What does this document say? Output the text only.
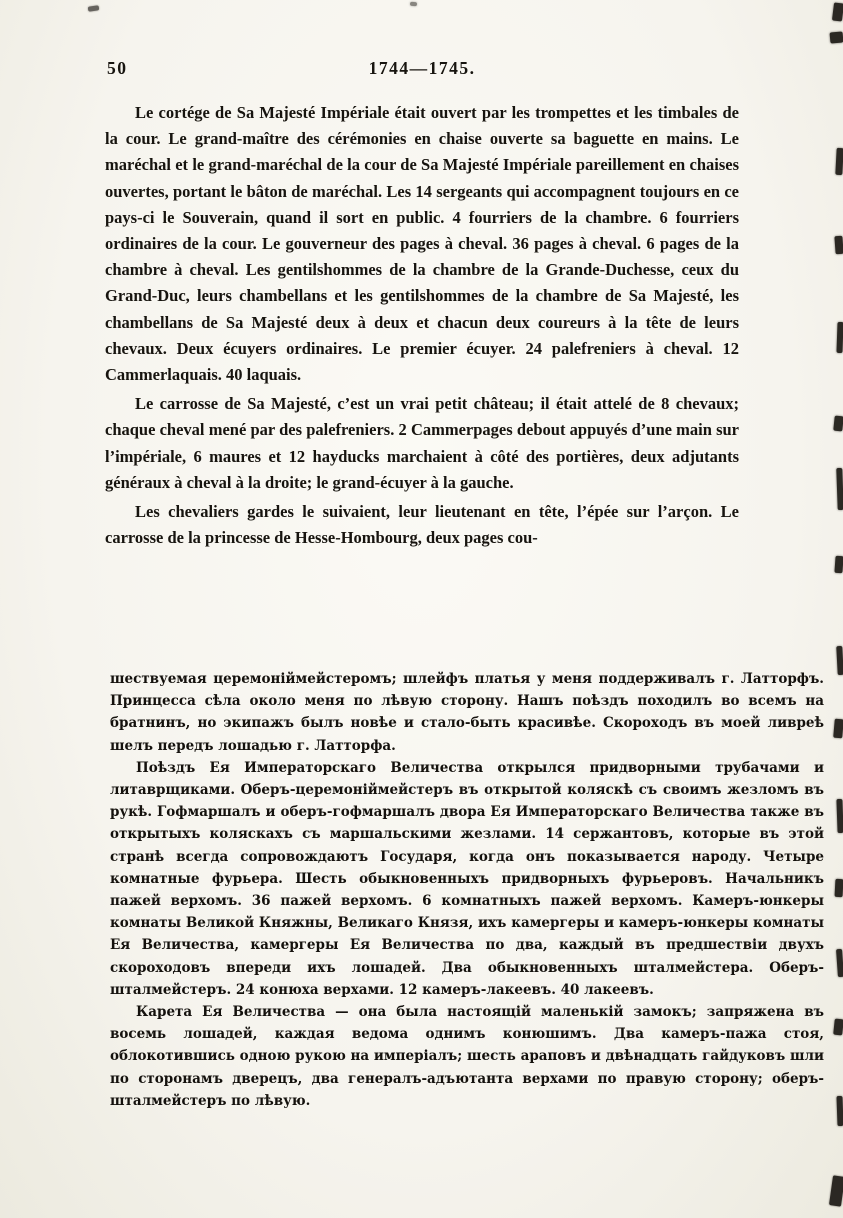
50	1744—1745.

Le cortége de Sa Majesté Impériale était ouvert par les trompettes et les timbales de la cour. Le grand-maître des cérémonies en chaise ouverte sa baguette en mains. Le maréchal et le grand-maréchal de la cour de Sa Majesté Impériale pareillement en chaises ouvertes, portant le bâton de maréchal. Les 14 sergeants qui accompagnent toujours en ce pays-ci le Souverain, quand il sort en public. 4 fourriers de la chambre. 6 fourriers ordinaires de la cour. Le gouverneur des pages à cheval. 36 pages à cheval. 6 pages de la chambre à cheval. Les gentilshommes de la chambre de la Grande-Duchesse, ceux du Grand-Duc, leurs chambellans et les gentilshommes de la chambre de Sa Majesté, les chambellans de Sa Majesté deux à deux et chacun deux coureurs à la tête de leurs chevaux. Deux écuyers ordinaires. Le premier écuyer. 24 palefreniers à cheval. 12 Cammerlaquais. 40 laquais.

Le carrosse de Sa Majesté, c’est un vrai petit château; il était attelé de 8 chevaux; chaque cheval mené par des palefreniers. 2 Cammerpages debout appuyés d’une main sur l’impériale, 6 maures et 12 hayducks marchaient à côté des portières, deux adjutants généraux à cheval à la droite; le grand-écuyer à la gauche.

Les chevaliers gardes le suivaient, leur lieutenant en tête, l’épée sur l’arçon. Le carrosse de la princesse de Hesse-Hombourg, deux pages cou-

шествуемая церемоніймейстеромъ; шлейфъ платья у меня поддерживалъ г. Латторфъ. Принцесса сѣла около меня по лѣвую сторону. Нашъ поѣздъ походилъ во всемъ на братнинъ, но экипажъ былъ новѣе и стало-быть красивѣе. Скороходъ въ моей ливреѣ шелъ передъ лошадью г. Латторфа.

Поѣздъ Ея Императорскаго Величества открылся придворными трубачами и литаврщиками. Оберъ-церемоніймейстеръ въ открытой коляскѣ съ своимъ жезломъ въ рукѣ. Гофмаршалъ и оберъ-гофмаршалъ двора Ея Императорскаго Величества также въ открытыхъ коляскахъ съ маршальскими жезлами. 14 сержантовъ, которые въ этой странѣ всегда сопровождаютъ Государя, когда онъ показывается народу. Четыре комнатные фурьера. Шесть обыкновенныхъ придворныхъ фурьеровъ. Начальникъ пажей верхомъ. 36 пажей верхомъ. 6 комнатныхъ пажей верхомъ. Камеръ-юнкеры комнаты Великой Княжны, Великаго Князя, ихъ камергеры и камеръ-юнкеры комнаты Ея Величества, камергеры Ея Величества по два, каждый въ предшествіи двухъ скороходовъ впереди ихъ лошадей. Два обыкновенныхъ шталмейстера. Оберъ-шталмейстеръ. 24 конюха верхами. 12 камеръ-лакеевъ. 40 лакеевъ.

Карета Ея Величества — она была настоящій маленькій замокъ; запряжена въ восемь лошадей, каждая ведома однимъ конюшимъ. Два камеръ-пажа стоя, облокотившись одною рукою на имперіалъ; шесть араповъ и двѣнадцать гайдуковъ шли по сторонамъ дверецъ, два генералъ-адъютанта верхами по правую сторону; оберъ-шталмейстеръ по лѣвую.
